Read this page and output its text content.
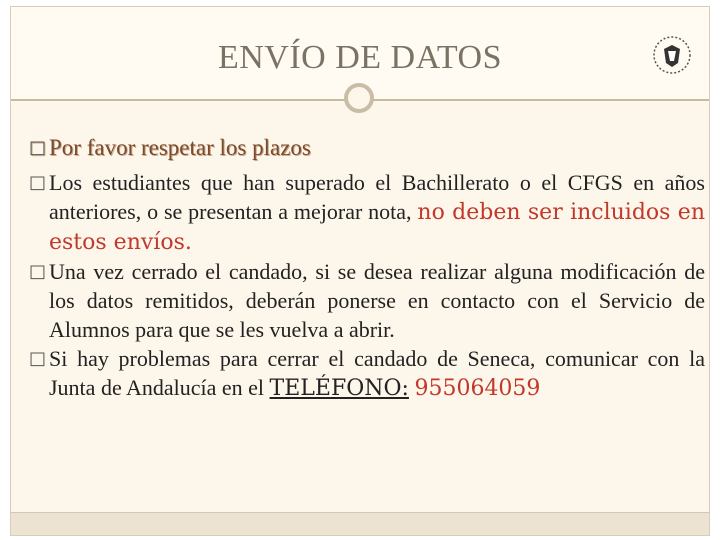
ENVÍO DE DATOS
□ Por favor respetar los plazos
□ Los estudiantes que han superado el Bachillerato o el CFGS en años anteriores, o se presentan a mejorar nota, no deben ser incluidos en estos envíos.
□ Una vez cerrado el candado, si se desea realizar alguna modificación de los datos remitidos, deberán ponerse en contacto con el Servicio de Alumnos para que se les vuelva a abrir.
□ Si hay problemas para cerrar el candado de Seneca, comunicar con la Junta de Andalucía en el TELÉFONO: 955064059
